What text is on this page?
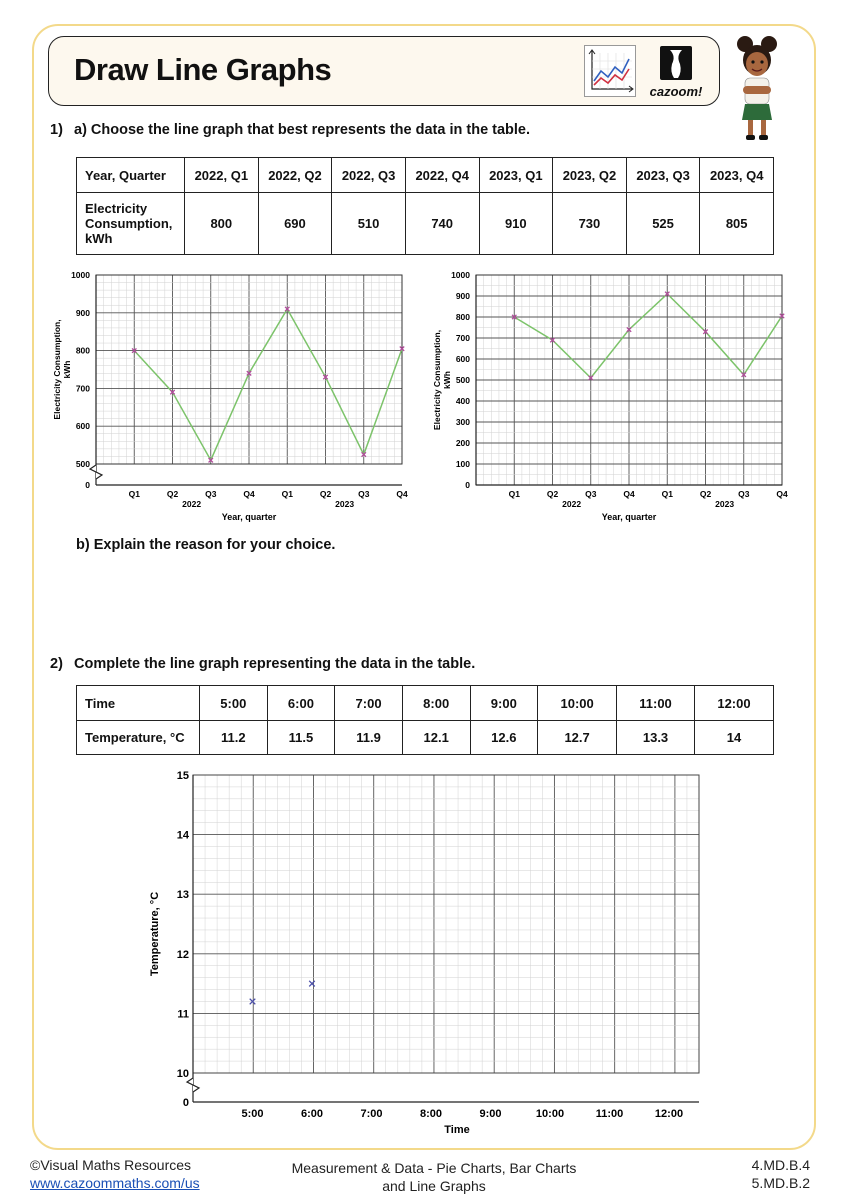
Draw Line Graphs
cazoom!
1) a) Choose the line graph that best represents the data in the table.
Year, Quarter	2022, Q1	2022, Q2	2022, Q3	2022, Q4	2023, Q1	2023, Q2	2023, Q3	2023, Q4

Electricity
Consumption,
kWh	800	690	510	740	910	730	525	805
0
500
600
700
800
900
1000
Q1	Q2	Q3	Q4	Q1	Q2	Q3	Q4
2022	2023
Year, quarter
Electricity Consumption,kWh
0
100
200
300
400
500
600
700
800
900
1000
Q1	Q2	Q3	Q4	Q1	Q2	Q3	Q4
2022	2023
Year, quarter
Electricity Consumption,kWh
b) Explain the reason for your choice.
2) Complete the line graph representing the data in the table.
Time	5:00	6:00	7:00	8:00	9:00	10:00	11:00	12:00
Temperature, °C	11.2	11.5	11.9	12.1	12.6	12.7	13.3	14
0
10
11
12
13
14
15
5:00	6:00	7:00	8:00	9:00	10:00	11:00	12:00
Time
Temperature, °C
©Visual Maths Resources
www.cazoommaths.com/us
Measurement & Data - Pie Charts, Bar Charts
and Line Graphs
4.MD.B.4
5.MD.B.2
